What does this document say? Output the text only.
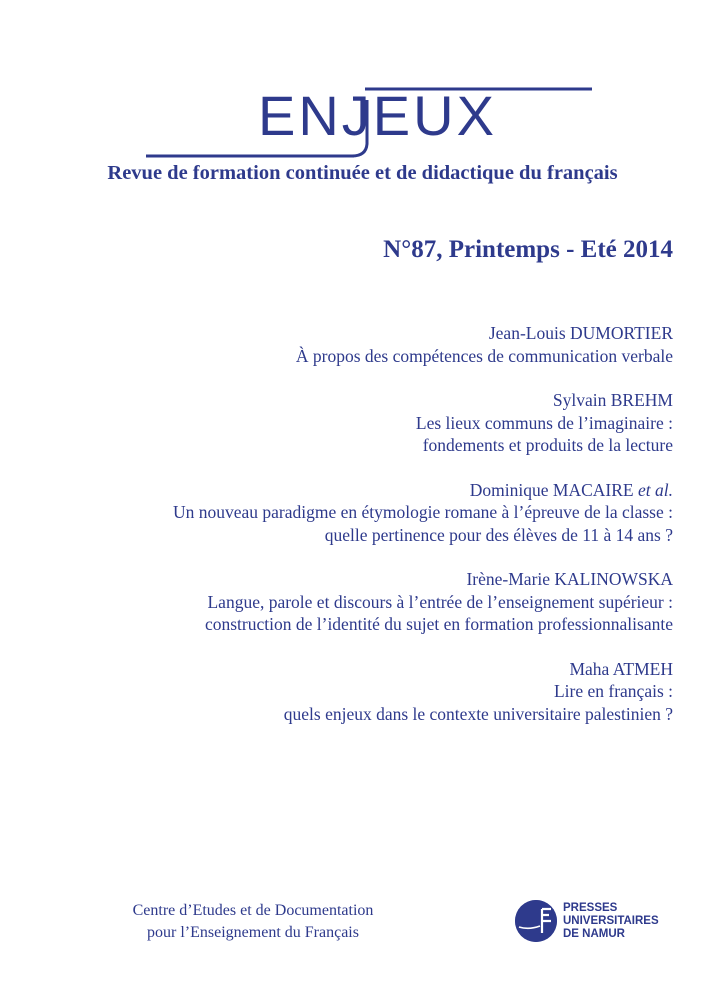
ENJEUX
Revue de formation continuée et de didactique du français
N°87, Printemps - Eté 2014
Jean-Louis DUMORTIER
À propos des compétences de communication verbale
Sylvain BREHM
Les lieux communs de l’imaginaire :
fondements et produits de la lecture
Dominique MACAIRE et al.
Un nouveau paradigme en étymologie romane à l’épreuve de la classe :
quelle pertinence pour des élèves de 11 à 14 ans ?
Irène-Marie KALINOWSKA
Langue, parole et discours à l’entrée de l’enseignement supérieur :
construction de l’identité du sujet en formation professionnalisante
Maha ATMEH
Lire en français :
quels enjeux dans le contexte universitaire palestinien ?
Centre d’Etudes et de Documentation
pour l’Enseignement du Français
PRESSES
UNIVERSITAIRES
DE NAMUR
